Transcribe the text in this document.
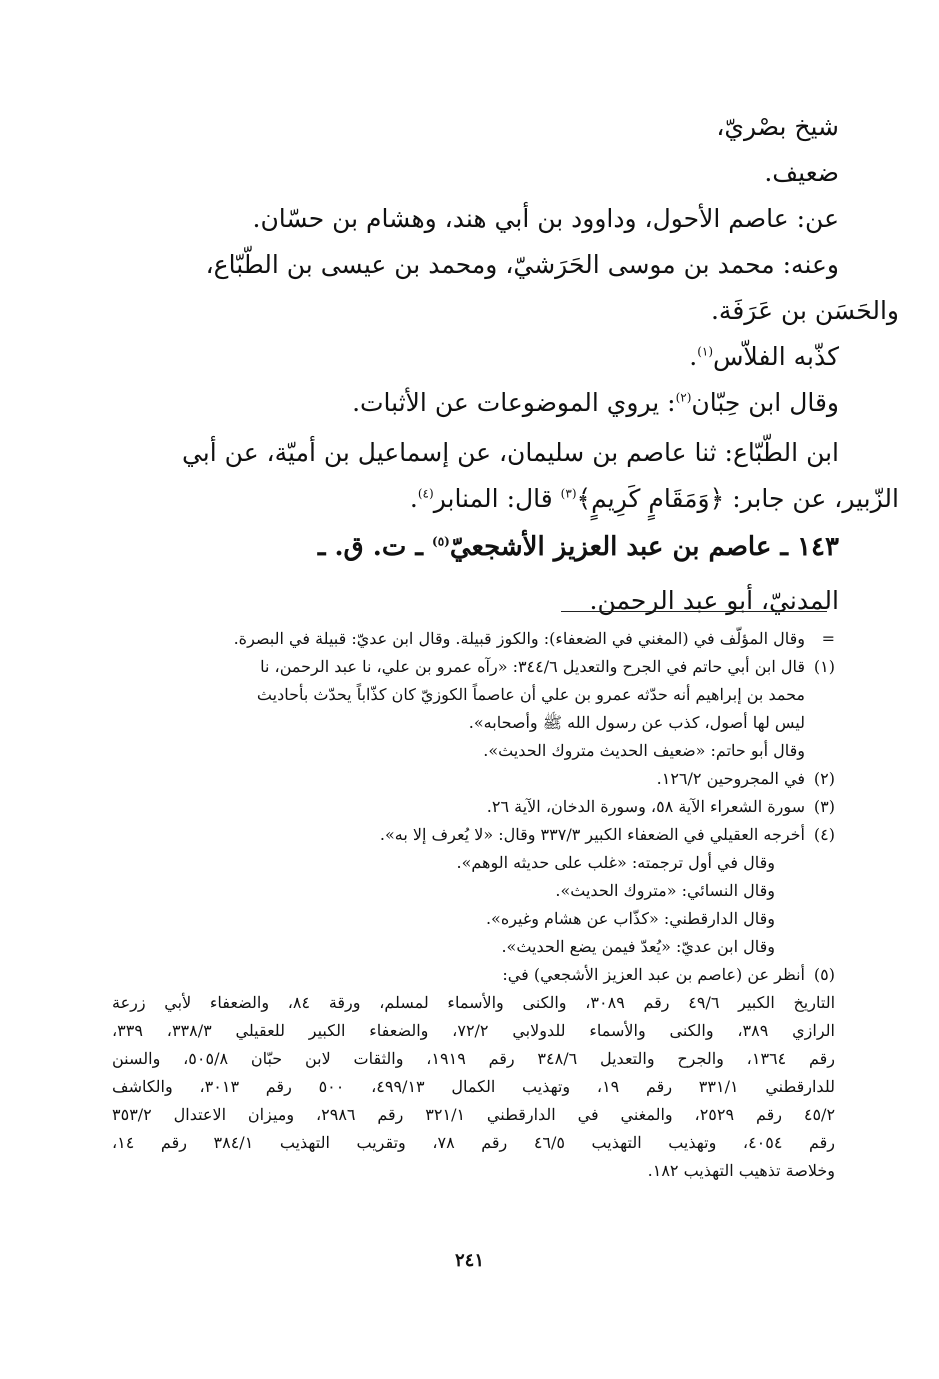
شيخ بصْريّ،
ضعيف.
عن: عاصم الأحول، وداوود بن أبي هند، وهشام بن حسّان.
وعنه: محمد بن موسى الحَرَشيّ، ومحمد بن عيسى بن الطّبّاع،
والحَسَن بن عَرَفَة.
كذّبه الفلاّس$^{(١)}$.
وقال ابن حِبّان$^{(٢)}$: يروي الموضوعات عن الأثبات.
ابن الطّبّاع: ثنا عاصم بن سليمان، عن إسماعيل بن أميّة، عن أبي
الزّبير، عن جابر: ﴿وَمَقَامٍ كَرِيمٍ﴾$^{(٣)}$ قال: المنابر$^{(٤)}$.
١٤٣ ـ عاصم بن عبد العزيز الأشجعيّ$^{(٥)}$ ـ ت. ق. ـ
المدنيّ، أبو عبد الرحمن.
=
وقال المؤلّف في (المغني في الضعفاء): والكوز قبيلة. وقال ابن عديّ: قبيلة في البصرة.
(١)
قال ابن أبي حاتم في الجرح والتعديل ٣٤٤/٦: «رآه عمرو بن علي، نا عبد الرحمن، نا
محمد بن إبراهيم أنه حدّثه عمرو بن علي أن عاصماً الكوزيّ كان كذّاباً يحدّث بأحاديث
ليس لها أصول، كذب عن رسول الله ﷺ وأصحابه».
وقال أبو حاتم: «ضعيف الحديث متروك الحديث».
(٢)
في المجروحين ١٢٦/٢.
(٣)
سورة الشعراء الآية ٥٨، وسورة الدخان، الآية ٢٦.
(٤)
أخرجه العقيلي في الضعفاء الكبير ٣٣٧/٣ وقال: «لا يُعرف إلا به».
وقال في أول ترجمته: «غلب على حديثه الوهم».
وقال النسائي: «متروك الحديث».
وقال الدارقطني: «كذّاب عن هشام وغيره».
وقال ابن عديّ: «يُعدّ فيمن يضع الحديث».
(٥)
أنظر عن (عاصم بن عبد العزيز الأشجعي) في:
التاريخ الكبير ٤٩/٦ رقم ٣٠٨٩، والكنى والأسماء لمسلم، ورقة ٨٤، والضعفاء لأبي زرعة
الرازي ٣٨٩، والكنى والأسماء للدولابي ٧٢/٢، والضعفاء الكبير للعقيلي ٣٣٨/٣، ٣٣٩،
رقم ١٣٦٤، والجرح والتعديل ٣٤٨/٦ رقم ١٩١٩، والثقات لابن حبّان ٥٠٥/٨، والسنن
للدارقطني ٣٣١/١ رقم ١٩، وتهذيب الكمال ٤٩٩/١٣، ٥٠٠ رقم ٣٠١٣، والكاشف
٤٥/٢ رقم ٢٥٢٩، والمغني في الدارقطني ٣٢١/١ رقم ٢٩٨٦، وميزان الاعتدال ٣٥٣/٢
رقم ٤٠٥٤، وتهذيب التهذيب ٤٦/٥ رقم ٧٨، وتقريب التهذيب ٣٨٤/١ رقم ١٤،
وخلاصة تذهيب التهذيب ١٨٢.
٢٤١
